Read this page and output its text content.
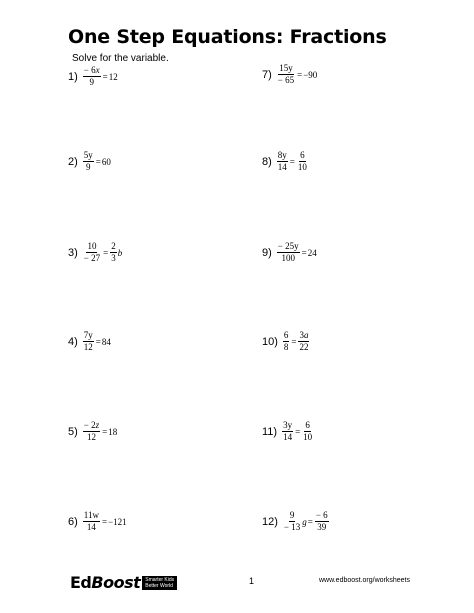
One Step Equations: Fractions
Solve for the variable.
$1) \frac{- 6x}{9} = 12$
$2) \frac{5y}{9} = 60$
$3) \frac{10}{- 27} = \frac{2}{3}$ b
$4) \frac{7y}{12} = 84$
$5) \frac{- 2z}{12} = 18$
$6) \frac{11w}{14} = -121$
$7) \frac{15y}{- 65} = -90$
$8) \frac{8y}{14} = \frac{6}{10}$
$9) \frac{- 25y}{100} = 24$
$10) \frac{6}{8} = \frac{3a}{22}$
$11) \frac{3y}{14} = \frac{6}{10}$
$12) \frac{9}{- 13}$ $g = \frac{- 6}{39}$
Ed Boost Smarter Kids
Better World	1	www.edboost.org/worksheets
